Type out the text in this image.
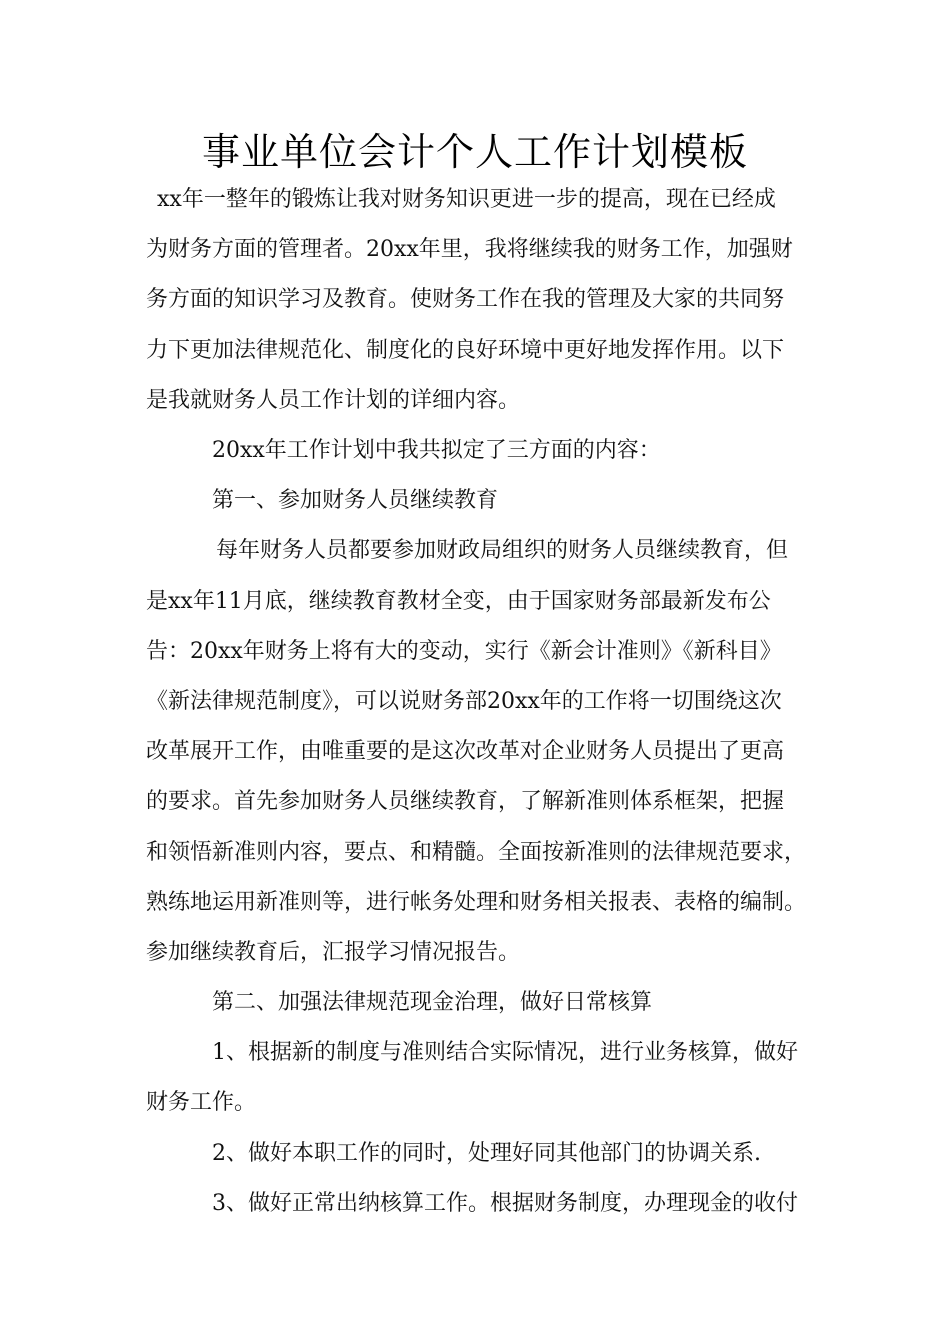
事业单位会计个人工作计划模板

xx年一整年的锻炼让我对财务知识更进一步的提高，现在已经成

为财务方面的管理者。20xx年里，我将继续我的财务工作，加强财

务方面的知识学习及教育。使财务工作在我的管理及大家的共同努

力下更加法律规范化、制度化的良好环境中更好地发挥作用。以下

是我就财务人员工作计划的详细内容。

20xx年工作计划中我共拟定了三方面的内容：

第一、参加财务人员继续教育

每年财务人员都要参加财政局组织的财务人员继续教育，但

是xx年11月底，继续教育教材全变，由于国家财务部最新发布公

告：20xx年财务上将有大的变动，实行《新会计准则》《新科目》

《新法律规范制度》，可以说财务部20xx年的工作将一切围绕这次

改革展开工作，由唯重要的是这次改革对企业财务人员提出了更高

的要求。首先参加财务人员继续教育，了解新准则体系框架，把握

和领悟新准则内容，要点、和精髓。全面按新准则的法律规范要求，

熟练地运用新准则等，进行帐务处理和财务相关报表、表格的编制。

参加继续教育后，汇报学习情况报告。

第二、加强法律规范现金治理，做好日常核算

1、根据新的制度与准则结合实际情况，进行业务核算，做好

财务工作。

2、做好本职工作的同时，处理好同其他部门的协调关系.

3、做好正常出纳核算工作。根据财务制度，办理现金的收付
